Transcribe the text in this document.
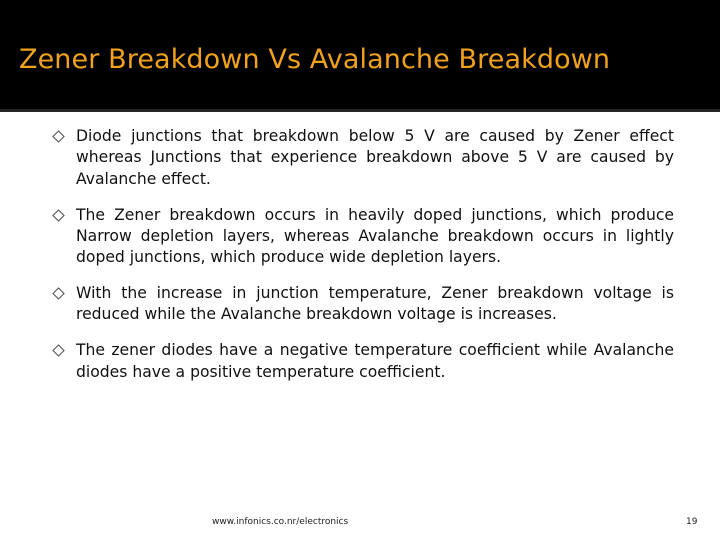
Zener Breakdown Vs Avalanche Breakdown
Diode junctions that breakdown below 5 V are caused by Zener effect whereas Junctions that experience breakdown above 5 V are caused by Avalanche effect.
The Zener breakdown occurs in heavily doped junctions, which produce Narrow depletion layers, whereas Avalanche breakdown occurs in lightly doped junctions, which produce wide depletion layers.
With the increase in junction temperature, Zener breakdown voltage is reduced while the Avalanche breakdown voltage is increases.
The zener diodes have a negative temperature coefficient while Avalanche diodes have a positive temperature coefficient.
www.infonics.co.nr/electronics	19
